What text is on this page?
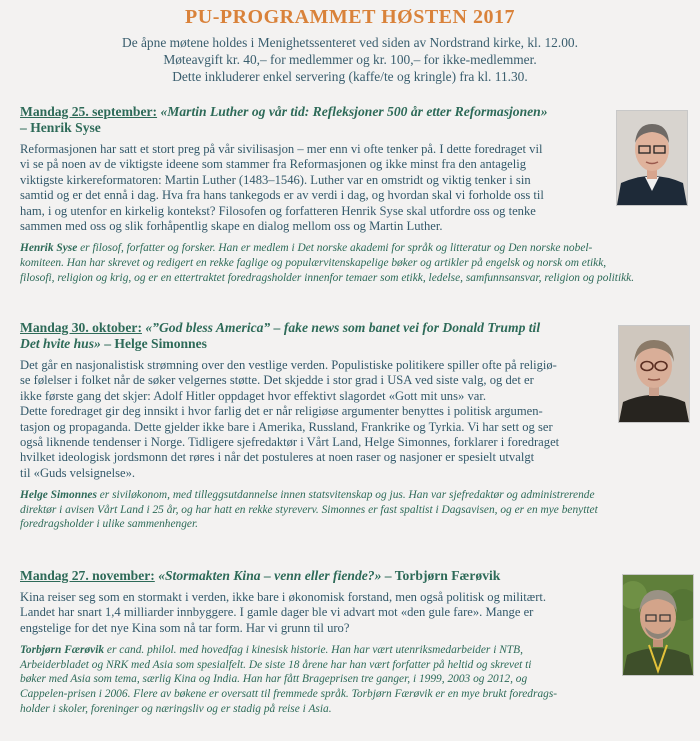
PU-PROGRAMMET HØSTEN 2017
De åpne møtene holdes i Menighetssenteret ved siden av Nordstrand kirke, kl. 12.00.
Møteavgift kr. 40,– for medlemmer og kr. 100,– for ikke-medlemmer.
Dette inkluderer enkel servering (kaffe/te og kringle) fra kl. 11.30.
Mandag 25. september: «Martin Luther og vår tid: Refleksjoner 500 år etter Reformasjonen»
– Henrik Syse
Reformasjonen har satt et stort preg på vår sivilisasjon – mer enn vi ofte tenker på. I dette foredraget vil
vi se på noen av de viktigste ideene som stammer fra Reformasjonen og ikke minst fra den antagelig
viktigste kirkereformatoren: Martin Luther (1483–1546). Luther var en omstridt og viktig tenker i sin
samtid og er det ennå i dag. Hva fra hans tankegods er av verdi i dag, og hvordan skal vi forholde oss til
ham, i og utenfor en kirkelig kontekst? Filosofen og forfatteren Henrik Syse skal utfordre oss og tenke
sammen med oss og slik forhåpentlig skape en dialog mellom oss og Martin Luther.
Henrik Syse er filosof, forfatter og forsker. Han er medlem i Det norske akademi for språk og litteratur og Den norske nobel-
komiteen. Han har skrevet og redigert en rekke faglige og populærvitenskapelige bøker og artikler på engelsk og norsk om etikk,
filosofi, religion og krig, og er en ettertraktet foredragsholder innenfor temaer som etikk, ledelse, samfunnsansvar, religion og politikk.
Mandag 30. oktober: «”God bless America” – fake news som banet vei for Donald Trump til
Det hvite hus» – Helge Simonnes
Det går en nasjonalistisk strømning over den vestlige verden. Populistiske politikere spiller ofte på religiø-
se følelser i folket når de søker velgernes støtte. Det skjedde i stor grad i USA ved siste valg, og det er
ikke første gang det skjer: Adolf Hitler oppdaget hvor effektivt slagordet «Gott mit uns» var.
Dette foredraget gir deg innsikt i hvor farlig det er når religiøse argumenter benyttes i politisk argumen-
tasjon og propaganda. Dette gjelder ikke bare i Amerika, Russland, Frankrike og Tyrkia. Vi har sett og ser
også liknende tendenser i Norge. Tidligere sjefredaktør i Vårt Land, Helge Simonnes, forklarer i foredraget
hvilket ideologisk jordsmonn det røres i når det postuleres at noen raser og nasjoner er spesielt utvalgt
til «Guds velsignelse».
Helge Simonnes er siviløkonom, med tilleggsutdannelse innen statsvitenskap og jus. Han var sjefredaktør og administrerende
direktør i avisen Vårt Land i 25 år, og har hatt en rekke styreverv. Simonnes er fast spaltist i Dagsavisen, og er en mye benyttet
foredragsholder i ulike sammenhenger.
Mandag 27. november: «Stormakten Kina – venn eller fiende?» – Torbjørn Færøvik
Kina reiser seg som en stormakt i verden, ikke bare i økonomisk forstand, men også politisk og militært.
Landet har snart 1,4 milliarder innbyggere. I gamle dager ble vi advart mot «den gule fare». Mange er
engstelige for det nye Kina som nå tar form. Har vi grunn til uro?
Torbjørn Færøvik er cand. philol. med hovedfag i kinesisk historie. Han har vært utenriksmedarbeider i NTB,
Arbeiderbladet og NRK med Asia som spesialfelt. De siste 18 årene har han vært forfatter på heltid og skrevet ti
bøker med Asia som tema, særlig Kina og India. Han har fått Brageprisen tre ganger, i 1999, 2003 og 2012, og
Cappelen-prisen i 2006. Flere av bøkene er oversatt til fremmede språk. Torbjørn Færøvik er en mye brukt foredrags-
holder i skoler, foreninger og næringsliv og er stadig på reise i Asia.
